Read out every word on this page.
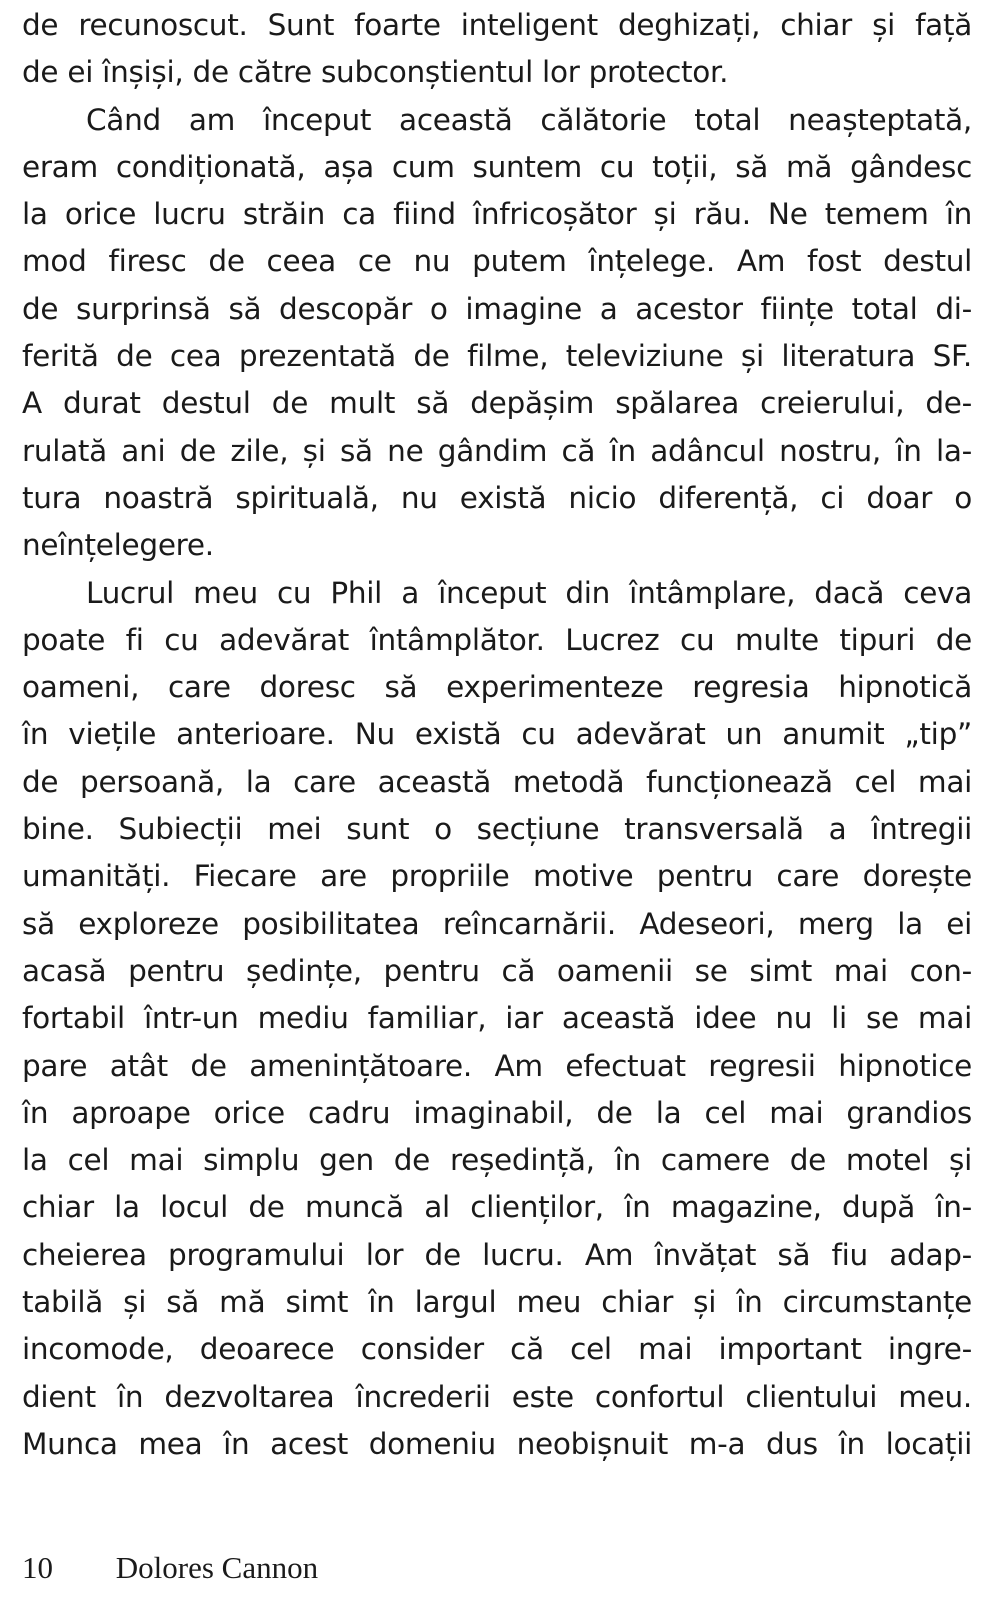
de recunoscut. Sunt foarte inteligent deghizați, chiar și față
de ei înșiși, de către subconștientul lor protector.
Când am început această călătorie total neașteptată,
eram condiționată, așa cum suntem cu toții, să mă gândesc
la orice lucru străin ca fiind înfricoșător și rău. Ne temem în
mod firesc de ceea ce nu putem înțelege. Am fost destul
de surprinsă să descopăr o imagine a acestor ființe total di-
ferită de cea prezentată de filme, televiziune și literatura SF.
A durat destul de mult să depășim spălarea creierului, de-
rulată ani de zile, și să ne gândim că în adâncul nostru, în la-
tura noastră spirituală, nu există nicio diferență, ci doar o
neînțelegere.
Lucrul meu cu Phil a început din întâmplare, dacă ceva
poate fi cu adevărat întâmplător. Lucrez cu multe tipuri de
oameni, care doresc să experimenteze regresia hipnotică
în viețile anterioare. Nu există cu adevărat un anumit „tip”
de persoană, la care această metodă funcționează cel mai
bine. Subiecții mei sunt o secțiune transversală a întregii
umanități. Fiecare are propriile motive pentru care dorește
să exploreze posibilitatea reîncarnării. Adeseori, merg la ei
acasă pentru ședințe, pentru că oamenii se simt mai con-
fortabil într-un mediu familiar, iar această idee nu li se mai
pare atât de amenințătoare. Am efectuat regresii hipnotice
în aproape orice cadru imaginabil, de la cel mai grandios
la cel mai simplu gen de reședință, în camere de motel și
chiar la locul de muncă al clienților, în magazine, după în-
cheierea programului lor de lucru. Am învățat să fiu adap-
tabilă și să mă simt în largul meu chiar și în circumstanțe
incomode, deoarece consider că cel mai important ingre-
dient în dezvoltarea încrederii este confortul clientului meu.
Munca mea în acest domeniu neobișnuit m-a dus în locații
10 Dolores Cannon
